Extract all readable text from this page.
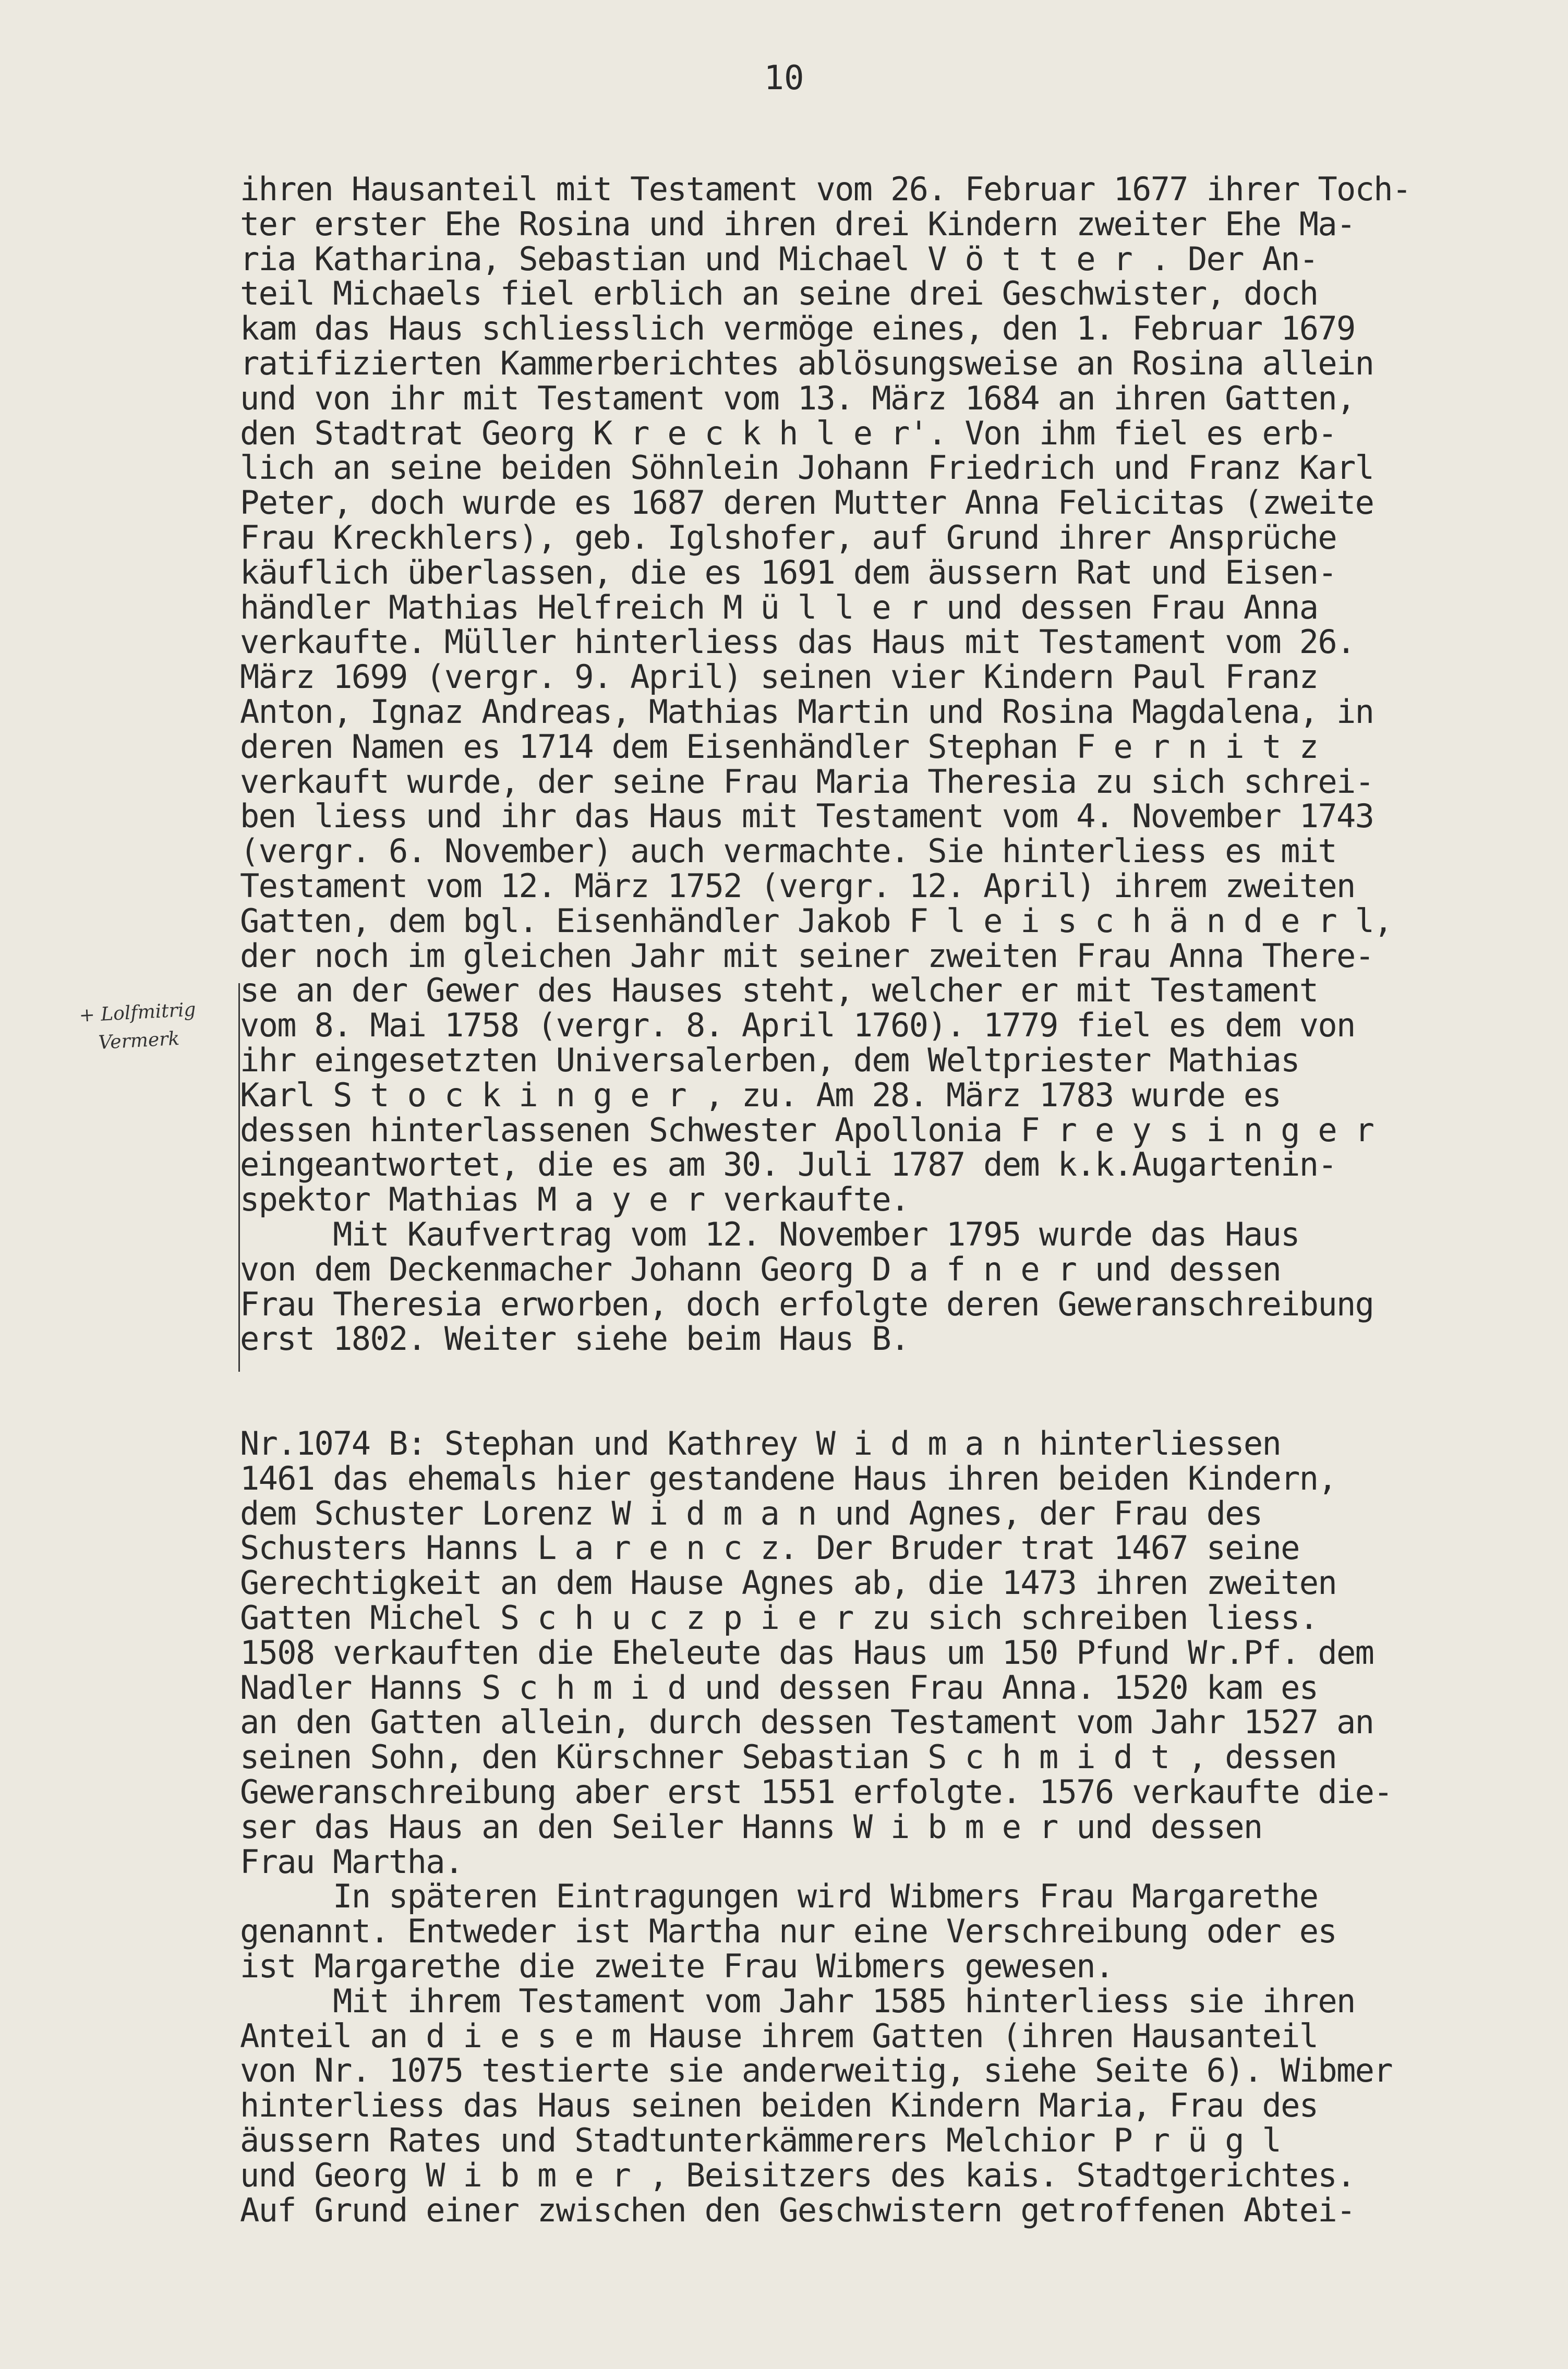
10
+ Lolfmitrig Vermerk
ihren Hausanteil mit Testament vom 26. Februar 1677 ihrer Toch-
ter erster Ehe Rosina und ihren drei Kindern zweiter Ehe Ma-
ria Katharina, Sebastian und Michael V ö t t e r . Der An-
teil Michaels fiel erblich an seine drei Geschwister, doch
kam das Haus schliesslich vermöge eines, den 1. Februar 1679
ratifizierten Kammerberichtes ablösungsweise an Rosina allein
und von ihr mit Testament vom 13. März 1684 an ihren Gatten,
den Stadtrat Georg K r e c k h l e r'. Von ihm fiel es erb-
lich an seine beiden Söhnlein Johann Friedrich und Franz Karl
Peter, doch wurde es 1687 deren Mutter Anna Felicitas (zweite
Frau Kreckhlers), geb. Iglshofer, auf Grund ihrer Ansprüche
käuflich überlassen, die es 1691 dem äussern Rat und Eisen-
händler Mathias Helfreich M ü l l e r und dessen Frau Anna
verkaufte. Müller hinterliess das Haus mit Testament vom 26.
März 1699 (vergr. 9. April) seinen vier Kindern Paul Franz
Anton, Ignaz Andreas, Mathias Martin und Rosina Magdalena, in
deren Namen es 1714 dem Eisenhändler Stephan F e r n i t z
verkauft wurde, der seine Frau Maria Theresia zu sich schrei-
ben liess und ihr das Haus mit Testament vom 4. November 1743
(vergr. 6. November) auch vermachte. Sie hinterliess es mit
Testament vom 12. März 1752 (vergr. 12. April) ihrem zweiten
Gatten, dem bgl. Eisenhändler Jakob F l e i s c h ä n d e r l,
der noch im gleichen Jahr mit seiner zweiten Frau Anna There-
se an der Gewer des Hauses steht, welcher er mit Testament
vom 8. Mai 1758 (vergr. 8. April 1760). 1779 fiel es dem von
ihr eingesetzten Universalerben, dem Weltpriester Mathias
Karl S t o c k i n g e r , zu. Am 28. März 1783 wurde es
dessen hinterlassenen Schwester Apollonia F r e y s i n g e r
eingeantwortet, die es am 30. Juli 1787 dem k.k.Augartenin-
spektor Mathias M a y e r verkaufte.
Mit Kaufvertrag vom 12. November 1795 wurde das Haus
von dem Deckenmacher Johann Georg D a f n e r und dessen
Frau Theresia erworben, doch erfolgte deren Geweranschreibung
erst 1802. Weiter siehe beim Haus B.
Nr.1074 B: Stephan und Kathrey W i d m a n hinterliessen
1461 das ehemals hier gestandene Haus ihren beiden Kindern,
dem Schuster Lorenz W i d m a n und Agnes, der Frau des
Schusters Hanns L a r e n c z. Der Bruder trat 1467 seine
Gerechtigkeit an dem Hause Agnes ab, die 1473 ihren zweiten
Gatten Michel S c h u c z p i e r zu sich schreiben liess.
1508 verkauften die Eheleute das Haus um 150 Pfund Wr.Pf. dem
Nadler Hanns S c h m i d und dessen Frau Anna. 1520 kam es
an den Gatten allein, durch dessen Testament vom Jahr 1527 an
seinen Sohn, den Kürschner Sebastian S c h m i d t , dessen
Geweranschreibung aber erst 1551 erfolgte. 1576 verkaufte die-
ser das Haus an den Seiler Hanns W i b m e r und dessen
Frau Martha.
In späteren Eintragungen wird Wibmers Frau Margarethe
genannt. Entweder ist Martha nur eine Verschreibung oder es
ist Margarethe die zweite Frau Wibmers gewesen.
Mit ihrem Testament vom Jahr 1585 hinterliess sie ihren
Anteil an d i e s e m Hause ihrem Gatten (ihren Hausanteil
von Nr. 1075 testierte sie anderweitig, siehe Seite 6). Wibmer
hinterliess das Haus seinen beiden Kindern Maria, Frau des
äussern Rates und Stadtunterkämmerers Melchior P r ü g l
und Georg W i b m e r , Beisitzers des kais. Stadtgerichtes.
Auf Grund einer zwischen den Geschwistern getroffenen Abtei-
